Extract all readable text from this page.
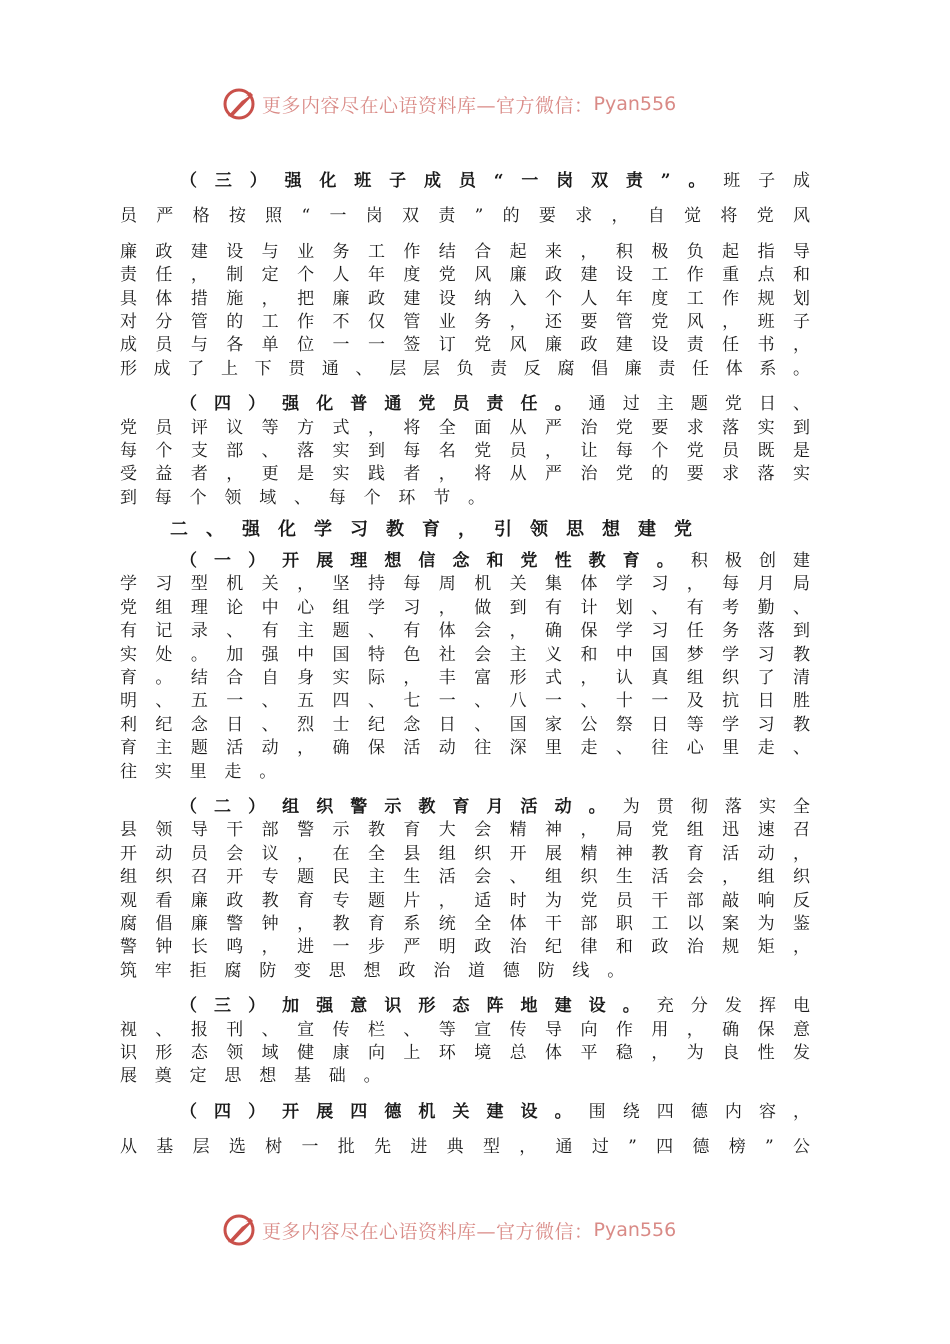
更多内容尽在心语资料库—官方微信： Pyan556
（三）强化班子成员“一岗双责”。班子成
员严格按照“一岗双责”的要求，自觉将党风
廉政建设与业务工作结合起来，积极负起指导
责任，制定个人年度党风廉政建设工作重点和
具体措施，把廉政建设纳入个人年度工作规划
对分管的工作不仅管业务，还要管党风，班子
成员与各单位一一签订党风廉政建设责任书，
形成了上下贯通、层层负责反腐倡廉责任体系。
（四）强化普通党员责任。通过主题党日、
党员评议等方式，将全面从严治党要求落实到
每个支部、落实到每名党员，让每个党员既是
受益者，更是实践者，将从严治党的要求落实
到每个领域、每个环节。
二、强化学习教育，引领思想建党
（一）开展理想信念和党性教育。积极创建
学习型机关，坚持每周机关集体学习，每月局
党组理论中心组学习，做到有计划、有考勤、
有记录、有主题、有体会，确保学习任务落到
实处。加强中国特色社会主义和中国梦学习教
育。结合自身实际，丰富形式，认真组织了清
明、五一、五四、七一、八一、十一及抗日胜
利纪念日、烈士纪念日、国家公祭日等学习教
育主题活动，确保活动往深里走、往心里走、
往实里走。
（二）组织警示教育月活动。为贯彻落实全
县领导干部警示教育大会精神，局党组迅速召
开动员会议，在全县组织开展精神教育活动，
组织召开专题民主生活会、组织生活会，组织
观看廉政教育专题片，适时为党员干部敲响反
腐倡廉警钟，教育系统全体干部职工以案为鉴
警钟长鸣，进一步严明政治纪律和政治规矩，
筑牢拒腐防变思想政治道德防线。
（三）加强意识形态阵地建设。充分发挥电
视、报刊、宣传栏、等宣传导向作用，确保意
识形态领域健康向上环境总体平稳，为良性发
展奠定思想基础。
（四）开展四德机关建设。围绕四德内容，
从基层选树一批先进典型，通过”四德榜”公
更多内容尽在心语资料库—官方微信： Pyan556
